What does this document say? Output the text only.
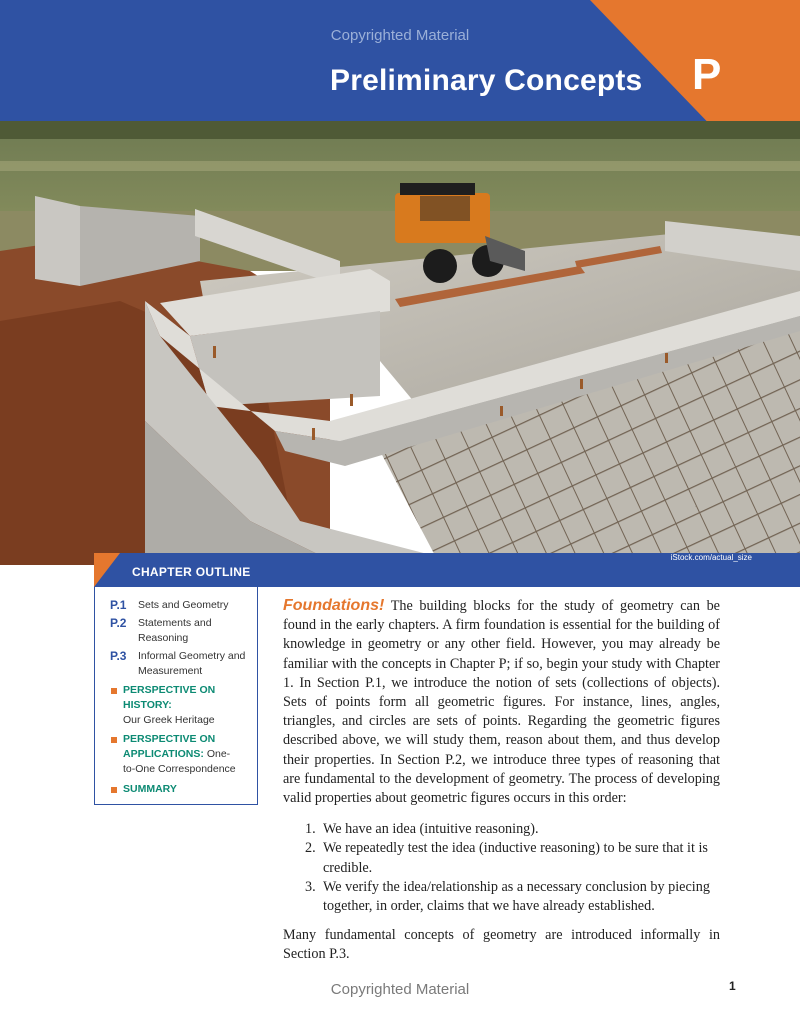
Copyrighted Material
Preliminary Concepts P
iStock.com/actual_size
CHAPTER OUTLINE
P.1 Sets and Geometry
P.2 Statements and Reasoning
P.3 Informal Geometry and Measurement
PERSPECTIVE ON HISTORY:
Our Greek Heritage
PERSPECTIVE ON APPLICATIONS: One-to-One Correspondence
SUMMARY

Foundations! The building blocks for the study of geometry can be found in the early chapters. A firm foundation is essential for the building of knowledge in geometry or any other field. However, you may already be familiar with the concepts in Chapter P; if so, begin your study with Chapter 1. In Section P.1, we introduce the notion of sets (collections of objects). Sets of points form all geometric figures. For instance, lines, angles, triangles, and circles are sets of points. Regarding the geometric figures described above, we will study them, reason about them, and thus develop their properties. In Section P.2, we introduce three types of reasoning that are fundamental to the development of geometry. The process of developing valid properties about geometric figures occurs in this order:

1. We have an idea (intuitive reasoning).
2. We repeatedly test the idea (inductive reasoning) to be sure that it is credible.
3. We verify the idea/relationship as a necessary conclusion by piecing together, in order, claims that we have already established.

Many fundamental concepts of geometry are introduced informally in Section P.3.

Copyrighted Material	1
